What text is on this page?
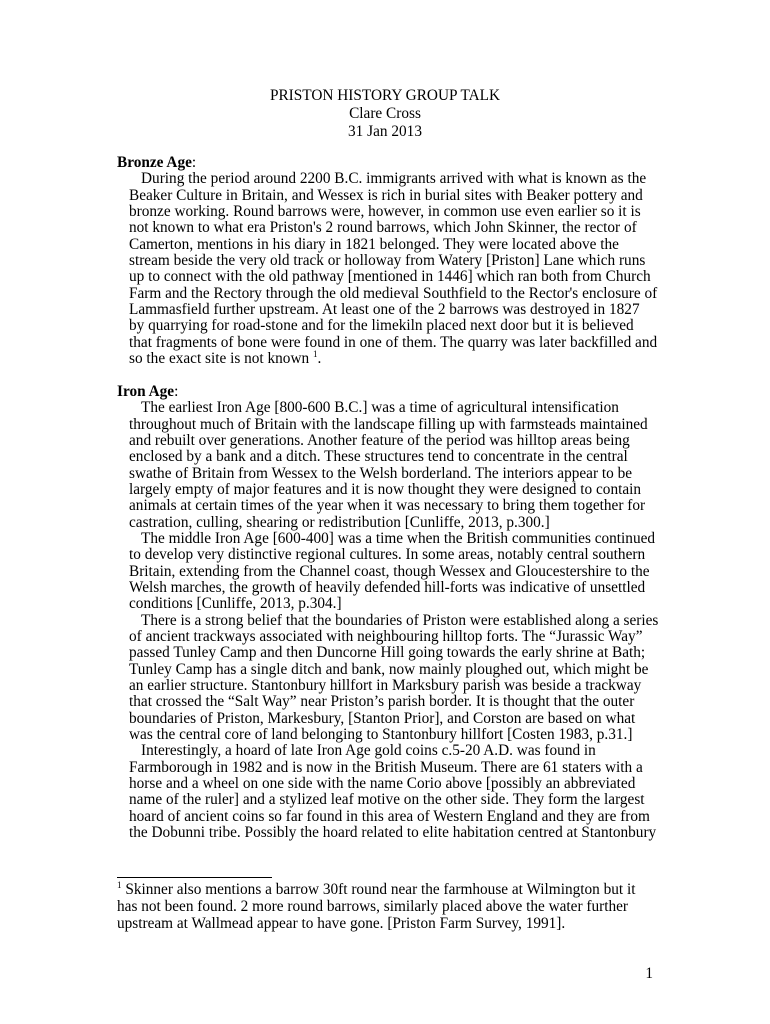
PRISTON HISTORY GROUP TALK
Clare Cross
31 Jan 2013
Bronze Age:
During the period around 2200 B.C. immigrants arrived with what is known as the
Beaker Culture in Britain, and Wessex is rich in burial sites with Beaker pottery and
bronze working. Round barrows were, however, in common use even earlier so it is
not known to what era Priston's 2 round barrows, which John Skinner, the rector of
Camerton, mentions in his diary in 1821 belonged. They were located above the
stream beside the very old track or holloway from Watery [Priston] Lane which runs
up to connect with the old pathway [mentioned in 1446] which ran both from Church
Farm and the Rectory through the old medieval Southfield to the Rector's enclosure of
Lammasfield further upstream. At least one of the 2 barrows was destroyed in 1827
by quarrying for road-stone and for the limekiln placed next door but it is believed
that fragments of bone were found in one of them. The quarry was later backfilled and
so the exact site is not known $^1$.
Iron Age:
The earliest Iron Age [800-600 B.C.] was a time of agricultural intensification
throughout much of Britain with the landscape filling up with farmsteads maintained
and rebuilt over generations. Another feature of the period was hilltop areas being
enclosed by a bank and a ditch. These structures tend to concentrate in the central
swathe of Britain from Wessex to the Welsh borderland. The interiors appear to be
largely empty of major features and it is now thought they were designed to contain
animals at certain times of the year when it was necessary to bring them together for
castration, culling, shearing or redistribution [Cunliffe, 2013, p.300.]
The middle Iron Age [600-400] was a time when the British communities continued
to develop very distinctive regional cultures. In some areas, notably central southern
Britain, extending from the Channel coast, though Wessex and Gloucestershire to the
Welsh marches, the growth of heavily defended hill-forts was indicative of unsettled
conditions [Cunliffe, 2013, p.304.]
There is a strong belief that the boundaries of Priston were established along a series
of ancient trackways associated with neighbouring hilltop forts. The “Jurassic Way”
passed Tunley Camp and then Duncorne Hill going towards the early shrine at Bath;
Tunley Camp has a single ditch and bank, now mainly ploughed out, which might be
an earlier structure. Stantonbury hillfort in Marksbury parish was beside a trackway
that crossed the “Salt Way” near Priston’s parish border. It is thought that the outer
boundaries of Priston, Markesbury, [Stanton Prior], and Corston are based on what
was the central core of land belonging to Stantonbury hillfort [Costen 1983, p.31.]
Interestingly, a hoard of late Iron Age gold coins c.5-20 A.D. was found in
Farmborough in 1982 and is now in the British Museum. There are 61 staters with a
horse and a wheel on one side with the name Corio above [possibly an abbreviated
name of the ruler] and a stylized leaf motive on the other side. They form the largest
hoard of ancient coins so far found in this area of Western England and they are from
the Dobunni tribe. Possibly the hoard related to elite habitation centred at Stantonbury
$^1$ Skinner also mentions a barrow 30ft round near the farmhouse at Wilmington but it
has not been found. 2 more round barrows, similarly placed above the water further
upstream at Wallmead appear to have gone. [Priston Farm Survey, 1991].
1
